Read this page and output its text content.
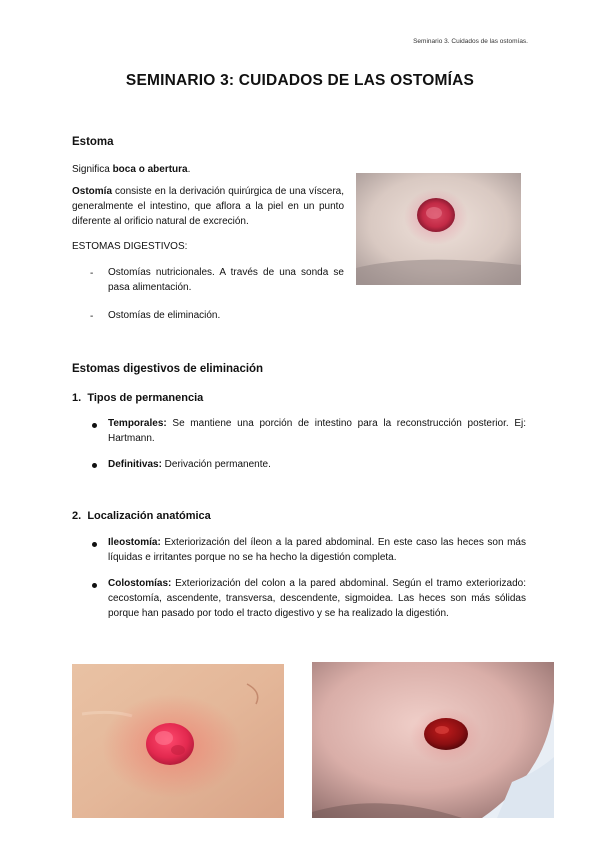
Seminario 3. Cuidados de las ostomías.
SEMINARIO 3: CUIDADOS DE LAS OSTOMÍAS
Estoma
Significa boca o abertura.
Ostomía consiste en la derivación quirúrgica de una víscera, generalmente el intestino, que aflora a la piel en un punto diferente al orificio natural de excreción.
ESTOMAS DIGESTIVOS:
- Ostomías nutricionales. A través de una sonda se pasa alimentación.
- Ostomías de eliminación.
Estomas digestivos de eliminación
1. Tipos de permanencia
Temporales: Se mantiene una porción de intestino para la reconstrucción posterior. Ej: Hartmann.
Definitivas: Derivación permanente.
2. Localización anatómica
Ileostomía: Exteriorización del íleon a la pared abdominal. En este caso las heces son más líquidas e irritantes porque no se ha hecho la digestión completa.
Colostomías: Exteriorización del colon a la pared abdominal. Según el tramo exteriorizado: cecostomía, ascendente, transversa, descendente, sigmoidea. Las heces son más sólidas porque han pasado por todo el tracto digestivo y se ha realizado la digestión.
